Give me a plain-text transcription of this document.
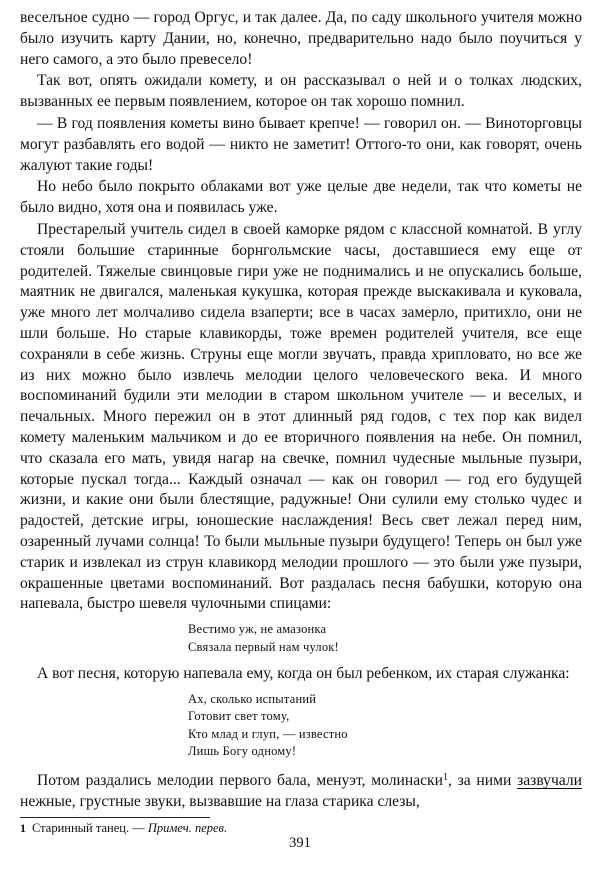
веселъное судно — город Оргус, и так далее. Да, по саду школьного учителя можно было изучить карту Дании, но, конечно, предварительно надо было поучиться у него самого, а это было превесело!

Так вот, опять ожидали комету, и он рассказывал о ней и о толках людских, вызванных ее первым появлением, которое он так хорошо помнил.

— В год появления кометы вино бывает крепче! — говорил он. — Виноторговцы могут разбавлять его водой — никто не заметит! Оттого-то они, как говорят, очень жалуют такие годы!

Но небо было покрыто облаками вот уже целые две недели, так что кометы не было видно, хотя она и появилась уже.

Престарелый учитель сидел в своей каморке рядом с классной комнатой. В углу стояли большие старинные борнгольмские часы, доставшиеся ему еще от родителей. Тяжелые свинцовые гири уже не поднимались и не опускались больше, маятник не двигался, маленькая кукушка, которая прежде выскакивала и куковала, уже много лет молчаливо сидела взаперти; все в часах замерло, притихло, они не шли больше. Но старые клавикорды, тоже времен родителей учителя, все еще сохраняли в себе жизнь. Струны еще могли звучать, правда хрипловато, но все же из них можно было извлечь мелодии целого человеческого века. И много воспоминаний будили эти мелодии в старом школьном учителе — и веселых, и печальных. Много пережил он в этот длинный ряд годов, с тех пор как видел комету маленьким мальчиком и до ее вторичного появления на небе. Он помнил, что сказала его мать, увидя нагар на свечке, помнил чудесные мыльные пузыри, которые пускал тогда... Каждый означал — как он говорил — год его будущей жизни, и какие они были блестящие, радужные! Они сулили ему столько чудес и радостей, детские игры, юношеские наслаждения! Весь свет лежал перед ним, озаренный лучами солнца! То были мыльные пузыри будущего! Теперь он был уже старик и извлекал из струн клавикорд мелодии прошлого — это были уже пузыри, окрашенные цветами воспоминаний. Вот раздалась песня бабушки, которую она напевала, быстро шевеля чулочными спицами:

Вестимо уж, не амазонка
Связала первый нам чулок!

А вот песня, которую напевала ему, когда он был ребенком, их старая служанка:

Ах, сколько испытаний
Готовит свет тому,
Кто млад и глуп, — известно
Лишь Богу одному!

Потом раздались мелодии первого бала, менуэт, молинаски$^1$, за ними зазвучали нежные, грустные звуки, вызвавшие на глаза старика слезы,

1 Старинный танец. — Примеч. перев.
391
